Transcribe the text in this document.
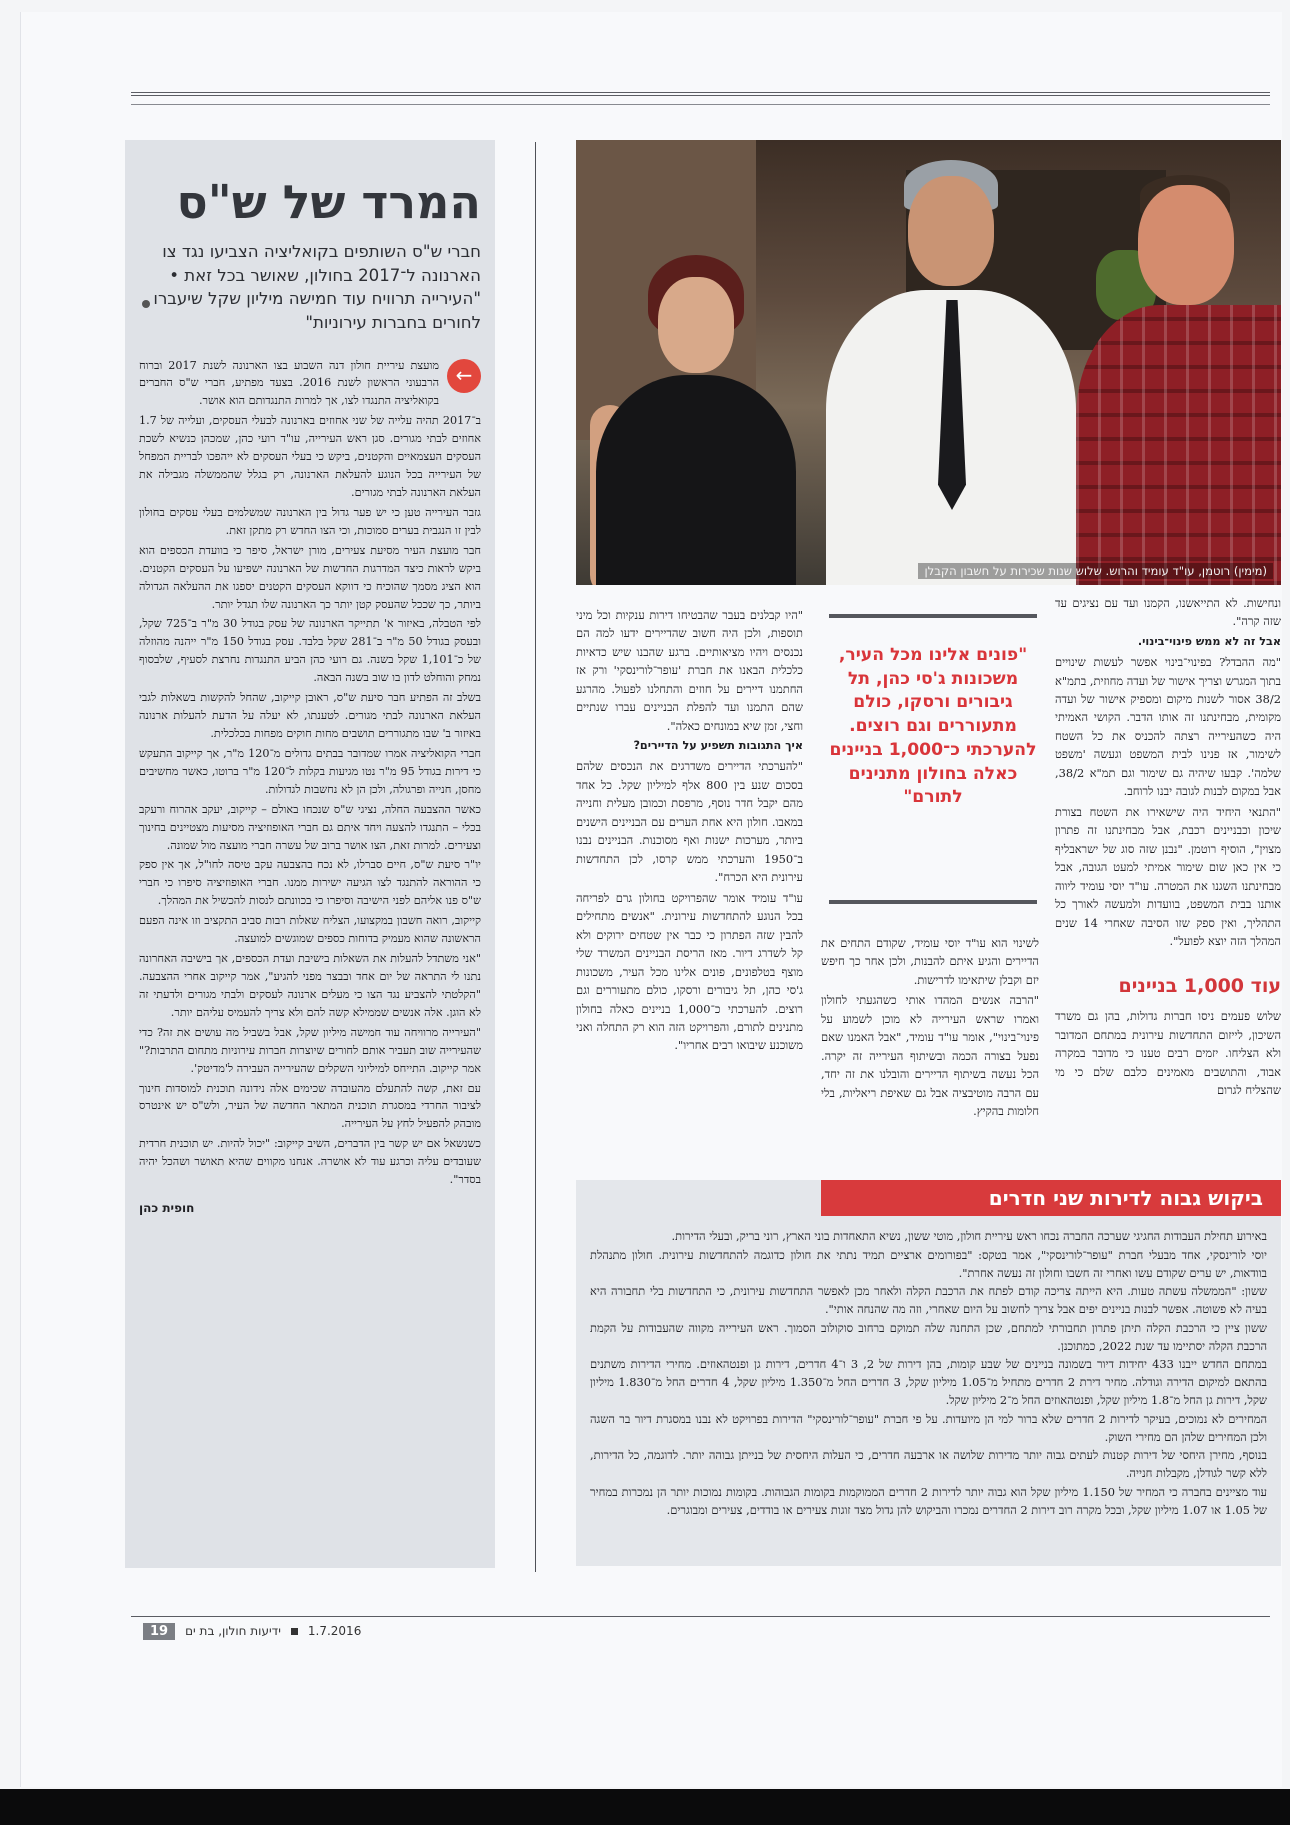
המרד של ש"ס
חברי ש"ס השותפים בקואליציה הצביעו נגד צו הארנונה ל־2017 בחולון, שאושר בכל זאת • "העירייה תרוויח עוד חמישה מיליון שקל שיעברו לחורים בחברות עירוניות"
←

מועצת עיריית חולון דנה השבוע בצו הארנונה לשנת 2017 וברוח הרבעוני הראשון לשנת 2016. בצעד מפתיע, חברי ש"ס החברים בקואליציה התנגדו לצו, אך למרות התנגדותם הוא אושר.

ב־2017 תהיה עלייה של שני אחוזים בארנונה לבעלי העסקים, ועלייה של 1.7 אחוזים לבתי מגורים. סגן ראש העירייה, עו"ד רועי כהן, שמכהן כנשיא לשכת העסקים העצמאיים והקטנים, ביקש כי בעלי העסקים לא ייהפכו לבריית המפחל של העירייה בכל הנוגע להעלאת הארנונה, רק בגלל שהממשלה מגבילה את העלאת הארנונה לבתי מגורים.

גזבר העירייה טען כי יש פער גדול בין הארנונה שמשלמים בעלי עסקים בחולון לבין זו הנגבית בערים סמוכות, וכי הצו החדש רק מתקן זאת.

חבר מועצת העיר מסיעת צעירים, מורן ישראל, סיפר כי בוועדת הכספים הוא ביקש לראות כיצד המדרגות החדשות של הארנונה ישפיעו על העסקים הקטנים. הוא הציג מסמך שהוכיח כי דווקא העסקים הקטנים יספגו את ההעלאה הגדולה ביותר, כך שככל שהעסק קטן יותר כך הארנונה שלו תגדל יותר.

לפי הטבלה, באיזור א' תתייקר הארנונה של עסק בגודל 30 מ"ר ב־725 שקל, ובעסק בגודל 50 מ"ר ב־281 שקל בלבד. עסק בגודל 150 מ"ר ייהנה מהוזלה של כ־1,101 שקל בשנה. גם רועי כהן הביע התנגדות נחרצת לסעיף, שלבסוף נמחק והוחלט לדון בו שוב בשנה הבאה.

בשלב זה הפתיע חבר סיעת ש"ס, ראובן קייקוב, שהחל להקשות בשאלות לגבי העלאת הארנונה לבתי מגורים. לטענתו, לא יעלה על הדעת להעלות ארנונה באיזור ב' שבו מתגוררים תושבים מחות חוקים מפחות בכלכלית.

חברי הקואליציה אמרו שמדובר בבתים גדולים מ־120 מ"ר, אך קייקוב התעקש כי דירות בגודל 95 מ"ר נטו מגיעות בקלות ל־120 מ"ר ברוטו, כאשר מחשיבים מחסן, חנייה ופרגולה, ולכן הן לא נחשבות לגדולות.

כאשר ההצבעה החלה, נציגי ש"ס שנכחו באולם – קייקוב, יעקב אהרוח ורעקב בכלי – התנגדו להצעה ויחד איתם גם חברי האופוזיציה מסיעות מצטיינים בחינוך וצעירים. למרות זאת, הצו אושר ברוב של עשרה חברי מועצה מול שמונה.

יו"ר סיעת ש"ס, חיים סברלו, לא נכח בהצבעה עקב טיסה לחו"ל, אך אין ספק כי ההוראה להתנגד לצו הגיעה ישירות ממנו. חברי האופוזיציה סיפרו כי חברי ש"ס פנו אליהם לפני הישיבה וסיפרו כי בכוונתם לנסות להכשיל את המהלך.

קייקוב, רואה חשבון במקצועו, הצליח שאלות רבות סביב התקציב וזו אינה הפעם הראשונה שהוא מעמיק בדוחות כספים שמוגשים למועצה.

"אני משתדל להעלות את השאלות בישיבת ועדת הכספים, אך בישיבה האחרונה נתנו לי התראה של יום אחד ובבצר מפני להגיע", אמר קייקוב אחרי ההצבעה. "הקלטתי להצביע נגד הצו כי מעלים ארנונה לעסקים ולבתי מגורים ולדעתי זה לא הוגן. אלה אנשים שממילא קשה להם ולא צריך להעמיס עליהם יותר.

"העירייה מרוויחה עוד חמישה מיליון שקל, אבל בשביל מה עושים את זה? כדי שהעירייה שוב תעביר אותם לחורים שיוצרות חברות עירוניות מתחום התרבות?" אמר קייקוב. התייחס למיליוני השקלים שהעירייה העבירה ל'מדיטק'.

עם זאת, קשה להתעלם מהעובדה שכימים אלה נידונה תוכנית למוסדות חינוך לציבור החרדי במסגרת תוכנית המתאר החדשה של העיר, ולש"ס יש אינטרס מובהק להפעיל לחץ על העירייה.

כשנשאל אם יש קשר בין הדברים, השיב קייקוב: "יכול להיות. יש תוכנית חרדית שעובדים עליה וכרגע עוד לא אושרה. אנחנו מקווים שהיא תאושר ושהכל יהיה בסדר".

חופית כהן
(מימין) רוטמן, עו"ד עומיד והרוש. שלוש שנות שכירות על חשבון הקבלן

ונחישות. לא התייאשנו, הקמנו ועד עם נציגים עד שזה קרה".

אבל זה לא ממש פינוי־בינוי.

"מה ההבדל? בפינוי־בינוי אפשר לעשות שינויים בתוך המגרש וצריך אישור של ועדה מחוזית, בתמ"א 38/2 אסור לשנות מיקום ומספיק אישור של ועדה מקומית, מבחינתנו זה אותו הדבר. הקושי האמיתי היה כשהעירייה רצתה להכניס את כל השטח לשימור, אז פנינו לבית המשפט וגעשה 'משפט שלמה'. קבעו שיהיה גם שימור וגם תמ"א 38/2, אבל במקום לבנות לגובה יבנו לרוחב.

"התנאי היחיד היה שישאירו את השטח בצורת שיכון וכבניינים רכבת, אבל מבחינתנו זה פתרון מצוין", הוסיף רוטמן. "נבנן שזה סוג של ישראבליף כי אין כאן שום שימור אמיתי למעט הגובה, אבל מבחינתנו השגנו את המטרה. עו"ד יוסי עומיד ליווה אותנו בבית המשפט, בוועדות ולמעשה לאורך כל התהליך, ואין ספק שזו הסיבה שאחרי 14 שנים המהלך הזה יוצא לפועל".

עוד 1,000 בניינים

שלוש פעמים ניסו חברות גדולות, בהן גם משרד השיכון, לייזום התחדשות עירונית במתחם המדובר ולא הצליחו. יזמים רבים טענו כי מדובר במקרה אבוד, והתושבים מאמינים כלבם שלם כי מי שהצליח לגרום

"פונים אלינו מכל העיר, משכונות ג'סי כהן, תל גיבורים ורסקו, כולם מתעוררים וגם רוצים. להערכתי כ־1,000 בניינים כאלה בחולון מתנינים לתורם"

לשינוי הוא עו"ד יוסי עומיד, שקודם התחים את הדיירים והגיע איתם להבנות, ולכן אחר כך חיפש יזם וקבלן שיתאימו לדרישות.

"הרבה אנשים המהדו אותי כשהגעתי לחולון ואמרו שראש העירייה לא מוכן לשמוע על פינוי־בינוי", אומר עו"ד עומיד, "אבל האמנו שאם נפעל בצורה הכמה ובשיתוף העירייה זה יקרה. הכל נעשה בשיתוף הדיירים והובלנו את זה יחד, עם הרבה מוטיבציה אבל גם שאיפת ריאליות, בלי חלומות בהקיץ.

"היו קבלנים בעבר שהבטיחו דירות ענקיות וכל מיני תוספות, ולכן היה חשוב שהדיירים ידעו למה הם נכנסים ויהיו מציאותיים. ברגע שהבנו שיש כדאיות כלכלית הבאנו את חברת 'עופר־לורינסקי' ורק אז החתמנו דיירים על חוזים והתחלנו לפעול. מהרגע שהם התמנו ועד להפלת הבניינים עברו שנתיים וחצי, זמן שיא במונחים כאלה".

איך התגובות תשפיע על הדיירים?

"להערכתי הדיירים משדרגים את הנכסים שלהם בסכום שנע בין 800 אלף למיליון שקל. כל אחד מהם יקבל חדר נוסף, מרפסת וכמובן מעלית וחנייה במאבו. חולון היא אחת הערים עם הבניינים הישנים ביותר, מערכות ישנות ואף מסוכנות. הבניינים נבנו ב־1950 והערכתי ממש קרסו, לכן התחדשות עירונית היא הכרח".

עו"ד עומיד אומר שהפרויקט בחולון גרם לפריחה בכל הנוגע להתחדשות עירונית. "אנשים מתחילים להבין שזה הפתרון כי כבר אין שטחים ירוקים ולא קל לשדרג דיור. מאז הריסת הבניינים המשרד שלי מוצף בטלפונים, פונים אלינו מכל העיר, משכונות ג'סי כהן, תל גיבורים ורסקו, כולם מתעוררים וגם רוצים. להערכתי כ־1,000 בניינים כאלה בחולון מתנינים לתורם, והפרויקט הזה הוא רק התחלה ואני משוכנע שיבואו רבים אחריו".

ביקוש גבוה לדירות שני חדרים

באירוע תחילת העבודות החגיגי שערכה החברה נכחו ראש עיריית חולון, מוטי ששון, נשיא התאחדות בוני הארץ, רוני בריק, ובעלי הדירות.

יוסי לורינסקי, אחד מבעלי חברת "עופר־לורינסקי", אמר בטקס: "בפורומים ארציים תמיד נתתי את חולון כדוגמה להתחדשות עירונית. חולון מתנהלת בוודאות, יש ערים שקודם עשו ואחרי זה חשבו וחולון זה נעשה אחרת".

ששון: "הממשלה עשתה טעות. היא הייתה צריכה קודם לפתח את הרכבת הקלה ולאחר מכן לאפשר התחדשות עירונית, כי התחדשות בלי תחבורה היא בעיה לא פשוטה. אפשר לבנות בניינים יפים אבל צריך לחשוב על היום שאחרי, וזה מה שהנחה אותי".

ששון ציין כי הרכבת הקלה תיתן פתרון תחבורתי למתחם, שכן התחנה שלה תמוקם ברחוב סוקולוב הסמוך. ראש העירייה מקווה שהעבודות על הקמת הרכבת הקלה יסתיימו עד שנת 2022, כמתוכנן.

במתחם החדש ייבנו 433 יחידות דיור בשמונה בניינים של שבע קומות, בהן דירות של 2, 3 ו־4 חדרים, דירות גן ופנטהאוזים. מחירי הדירות משתנים בהתאם למיקום הדירה וגודלה. מחיר דירת 2 חדרים מתחיל מ־1.05 מיליון שקל, 3 חדרים החל מ־1.350 מיליון שקל, 4 חדרים החל מ־1.830 מיליון שקל, דירות גן החל מ־1.8 מיליון שקל, ופנטהאוזים החל מ־2 מיליון שקל.

המחירים לא נמוכים, בעיקר לדירות 2 חדרים שלא ברור למי הן מיועדות. על פי חברת "עופר־לורינסקי" הדירות בפרויקט לא נבנו במסגרת דיור בר השגה ולכן המחירים שלהן הם מחירי השוק.

בנוסף, מחירן היחסי של דירות קטנות לעתים גבוה יותר מדירות שלושה או ארבעה חדרים, כי העלות היחסית של בנייתן גבוהה יותר. לדוגמה, כל הדירות, ללא קשר לגודלן, מקבלות חנייה.

עוד מציינים בחברה כי המחיר של 1.150 מיליון שקל הוא גבוה יותר לדירות 2 חדרים הממוקמות בקומות הגבוהות. בקומות נמוכות יותר הן נמכרות במחיר של 1.05 או 1.07 מיליון שקל, ובכל מקרה רוב דירות 2 החדרים נמכרו והביקוש להן גדול מצד זוגות צעירים או בודדים, צעירים ומבוגרים.

19	ידיעות חולון, בת ים 1.7.2016
